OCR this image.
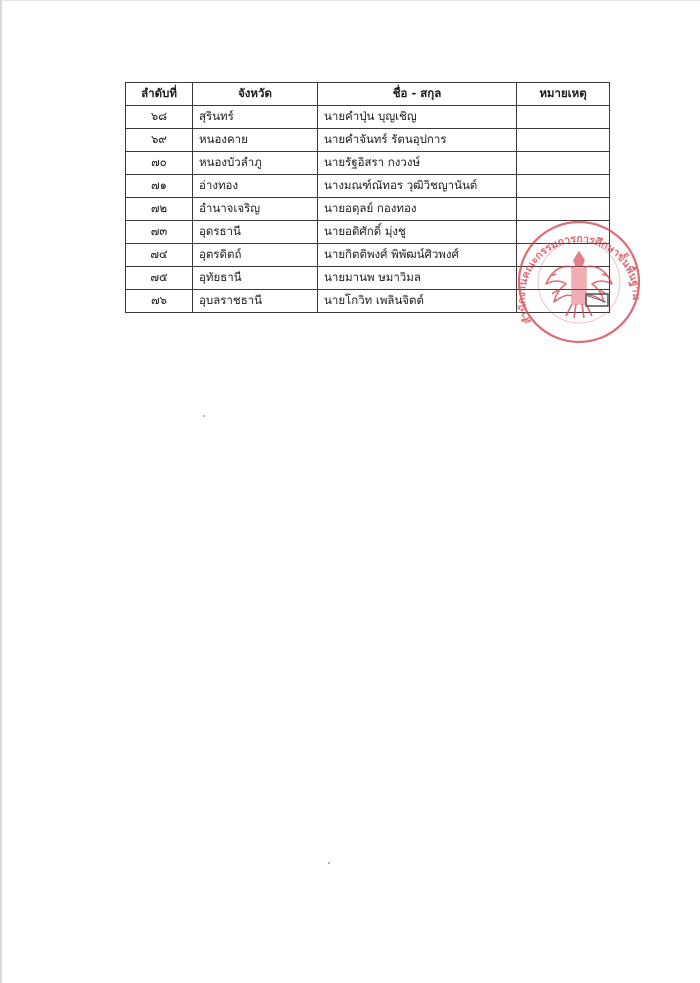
ลำดับที่	จังหวัด	ชื่อ - สกุล	หมายเหตุ
๖๘	สุรินทร์	นายคำปุ่น บุญเชิญ	
๖๙	หนองคาย	นายคำจันทร์ รัตนอุปการ	
๗๐	หนองบัวลำภู	นายรัฐอิสรา กงวงษ์	
๗๑	อ่างทอง	นางมณฑ์ณัทอร วุฒิวิชญานันต์	
๗๒	อำนาจเจริญ	นายอดุลย์ กองทอง	
๗๓	อุดรธานี	นายอดิศักดิ์ มุ่งชู	
๗๔	อุตรดิตถ์	นายกิตติพงศ์ พิพัฒน์ศิวพงศ์	
๗๕	อุทัยธานี	นายมานพ ษมาวิมล	
๗๖	อุบลราชธานี	นายโกวิท เพลินจิตต์	
สำนักงานคณะกรรมการการศึกษาขั้นพื้นฐาน
